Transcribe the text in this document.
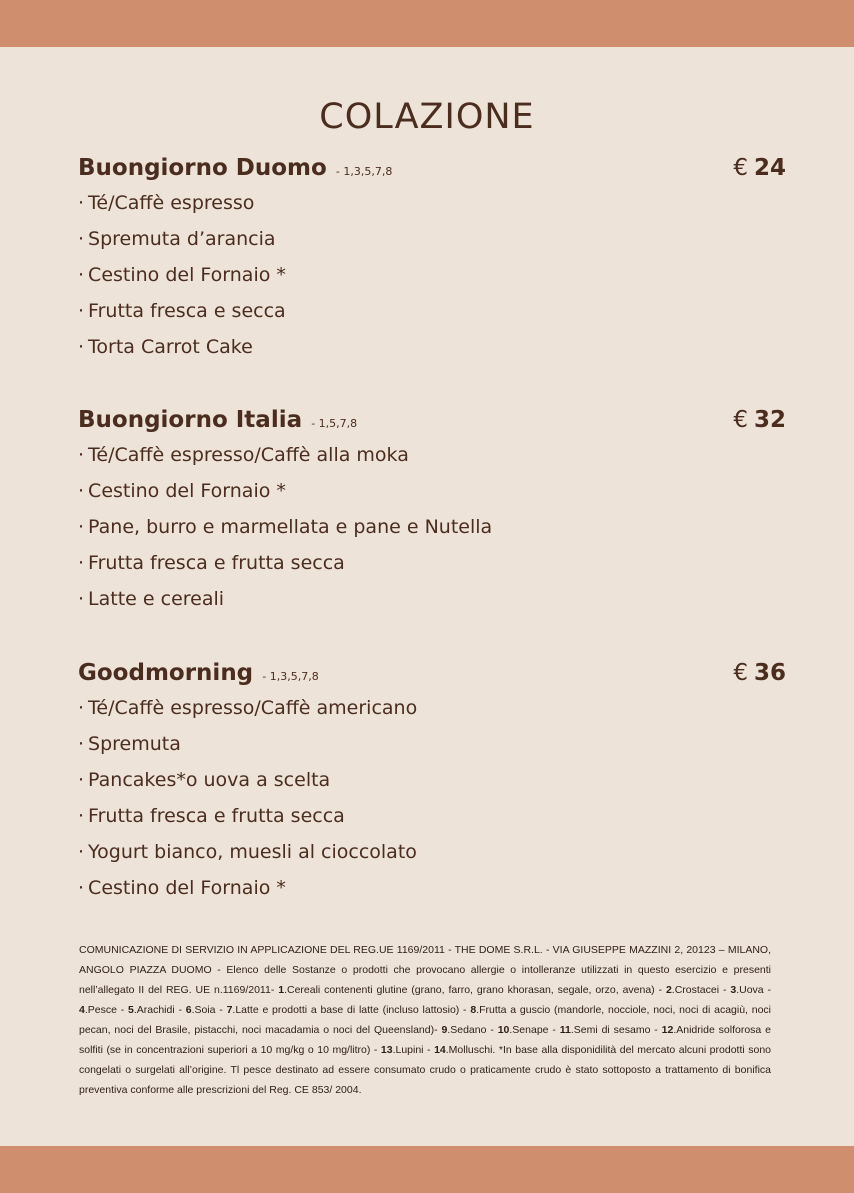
COLAZIONE
Buongiorno Duomo - 1,3,5,7,8	€ 24
· Té/Caffè espresso
· Spremuta d’arancia
· Cestino del Fornaio *
· Frutta fresca e secca
· Torta Carrot Cake
Buongiorno Italia - 1,5,7,8	€ 32
· Té/Caffè espresso/Caffè alla moka
· Cestino del Fornaio *
· Pane, burro e marmellata e pane e Nutella
· Frutta fresca e frutta secca
· Latte e cereali
Goodmorning - 1,3,5,7,8	€ 36
· Té/Caffè espresso/Caffè americano
· Spremuta
· Pancakes*o uova a scelta
· Frutta fresca e frutta secca
· Yogurt bianco, muesli al cioccolato
· Cestino del Fornaio *
COMUNICAZIONE DI SERVIZIO IN APPLICAZIONE DEL REG.UE 1169/2011 - THE DOME S.R.L. - VIA GIUSEPPE MAZZINI 2, 20123 – MILANO, ANGOLO PIAZZA DUOMO - Elenco delle Sostanze o prodotti che provocano allergie o intolleranze utilizzati in questo esercizio e presenti nell’allegato II del REG. UE n.1169/2011- 1.Cereali contenenti glutine (grano, farro, grano khorasan, segale, orzo, avena) - 2.Crostacei - 3.Uova - 4.Pesce - 5.Arachidi - 6.Soia - 7.Latte e prodotti a base di latte (incluso lattosio) - 8.Frutta a guscio (mandorle, nocciole, noci, noci di acagiù, noci pecan, noci del Brasile, pistacchi, noci macadamia o noci del Queensland)- 9.Sedano - 10.Senape - 11.Semi di sesamo - 12.Anidride solforosa e solfiti (se in concentrazioni superiori a 10 mg/kg o 10 mg/litro) - 13.Lupini - 14.Molluschi. *In base alla disponidilità del mercato alcuni prodotti sono congelati o surgelati all’origine. Tl pesce destinato ad essere consumato crudo o praticamente crudo è stato sottoposto a trattamento di bonifica preventiva conforme alle prescrizioni del Reg. CE 853/ 2004.
